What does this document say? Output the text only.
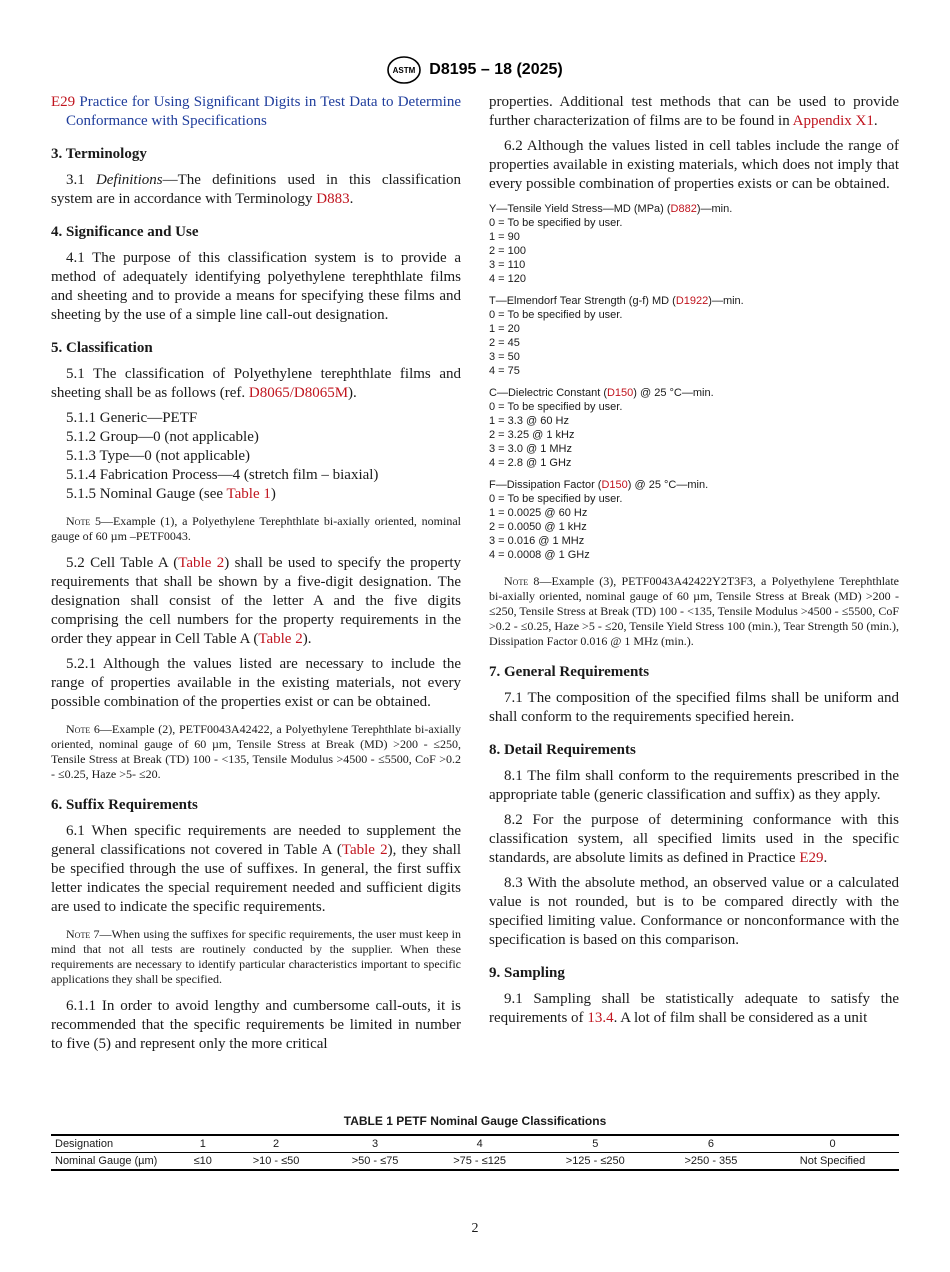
ASTM D8195 – 18 (2025)

E29 Practice for Using Significant Digits in Test Data to Determine Conformance with Specifications

3. Terminology

3.1 Definitions—The definitions used in this classification system are in accordance with Terminology D883.

4. Significance and Use

4.1 The purpose of this classification system is to provide a method of adequately identifying polyethylene terephthlate films and sheeting and to provide a means for specifying these films and sheeting by the use of a simple line call-out designation.

5. Classification

5.1 The classification of Polyethylene terephthlate films and sheeting shall be as follows (ref. D8065/D8065M).

5.1.1 Generic—PETF

5.1.2 Group—0 (not applicable)

5.1.3 Type—0 (not applicable)

5.1.4 Fabrication Process—4 (stretch film – biaxial)

5.1.5 Nominal Gauge (see Table 1)

Note 5—Example (1), a Polyethylene Terephthlate bi-axially oriented, nominal gauge of 60 µm –PETF0043.

5.2 Cell Table A (Table 2) shall be used to specify the property requirements that shall be shown by a five-digit designation. The designation shall consist of the letter A and the five digits comprising the cell numbers for the property requirements in the order they appear in Cell Table A (Table 2).

5.2.1 Although the values listed are necessary to include the range of properties available in the existing materials, not every possible combination of the properties exist or can be obtained.

Note 6—Example (2), PETF0043A42422, a Polyethylene Terephthlate bi-axially oriented, nominal gauge of 60 µm, Tensile Stress at Break (MD) >200 - ≤250, Tensile Stress at Break (TD) 100 - <135, Tensile Modulus >4500 - ≤5500, CoF >0.2 - ≤0.25, Haze >5- ≤20.

6. Suffix Requirements

6.1 When specific requirements are needed to supplement the general classifications not covered in Table A (Table 2), they shall be specified through the use of suffixes. In general, the first suffix letter indicates the special requirement needed and sufficient digits are used to indicate the specific requirements.

Note 7—When using the suffixes for specific requirements, the user must keep in mind that not all tests are routinely conducted by the supplier. When these requirements are necessary to identify particular characteristics important to specific applications they shall be specified.

6.1.1 In order to avoid lengthy and cumbersome call-outs, it is recommended that the specific requirements be limited in number to five (5) and represent only the more critical

properties. Additional test methods that can be used to provide further characterization of films are to be found in Appendix X1.

6.2 Although the values listed in cell tables include the range of properties available in existing materials, which does not imply that every possible combination of properties exists or can be obtained.

Y—Tensile Yield Stress—MD (MPa) (D882)—min.
0 = To be specified by user.
1 = 90
2 = 100
3 = 110
4 = 120
T—Elmendorf Tear Strength (g-f) MD (D1922)—min.
0 = To be specified by user.
1 = 20
2 = 45
3 = 50
4 = 75
C—Dielectric Constant (D150) @ 25 °C—min.
0 = To be specified by user.
1 = 3.3 @ 60 Hz
2 = 3.25 @ 1 kHz
3 = 3.0 @ 1 MHz
4 = 2.8 @ 1 GHz
F—Dissipation Factor (D150) @ 25 °C—min.
0 = To be specified by user.
1 = 0.0025 @ 60 Hz
2 = 0.0050 @ 1 kHz
3 = 0.016 @ 1 MHz
4 = 0.0008 @ 1 GHz

Note 8—Example (3), PETF0043A42422Y2T3F3, a Polyethylene Terephthlate bi-axially oriented, nominal gauge of 60 µm, Tensile Stress at Break (MD) >200 - ≤250, Tensile Stress at Break (TD) 100 - <135, Tensile Modulus >4500 - ≤5500, CoF >0.2 - ≤0.25, Haze >5 - ≤20, Tensile Yield Stress 100 (min.), Tear Strength 50 (min.), Dissipation Factor 0.016 @ 1 MHz (min.).

7. General Requirements

7.1 The composition of the specified films shall be uniform and shall conform to the requirements specified herein.

8. Detail Requirements

8.1 The film shall conform to the requirements prescribed in the appropriate table (generic classification and suffix) as they apply.

8.2 For the purpose of determining conformance with this classification system, all specified limits used in the specific standards, are absolute limits as defined in Practice E29.

8.3 With the absolute method, an observed value or a calculated value is not rounded, but is to be compared directly with the specified limiting value. Conformance or nonconformance with the specification is based on this comparison.

9. Sampling

9.1 Sampling shall be statistically adequate to satisfy the requirements of 13.4. A lot of film shall be considered as a unit

TABLE 1 PETF Nominal Gauge Classifications
Designation	1	2	3	4	5	6	0
Nominal Gauge (µm)	≤10	>10 - ≤50	>50 - ≤75	>75 - ≤125	>125 - ≤250	>250 - 355	Not Specified
2
